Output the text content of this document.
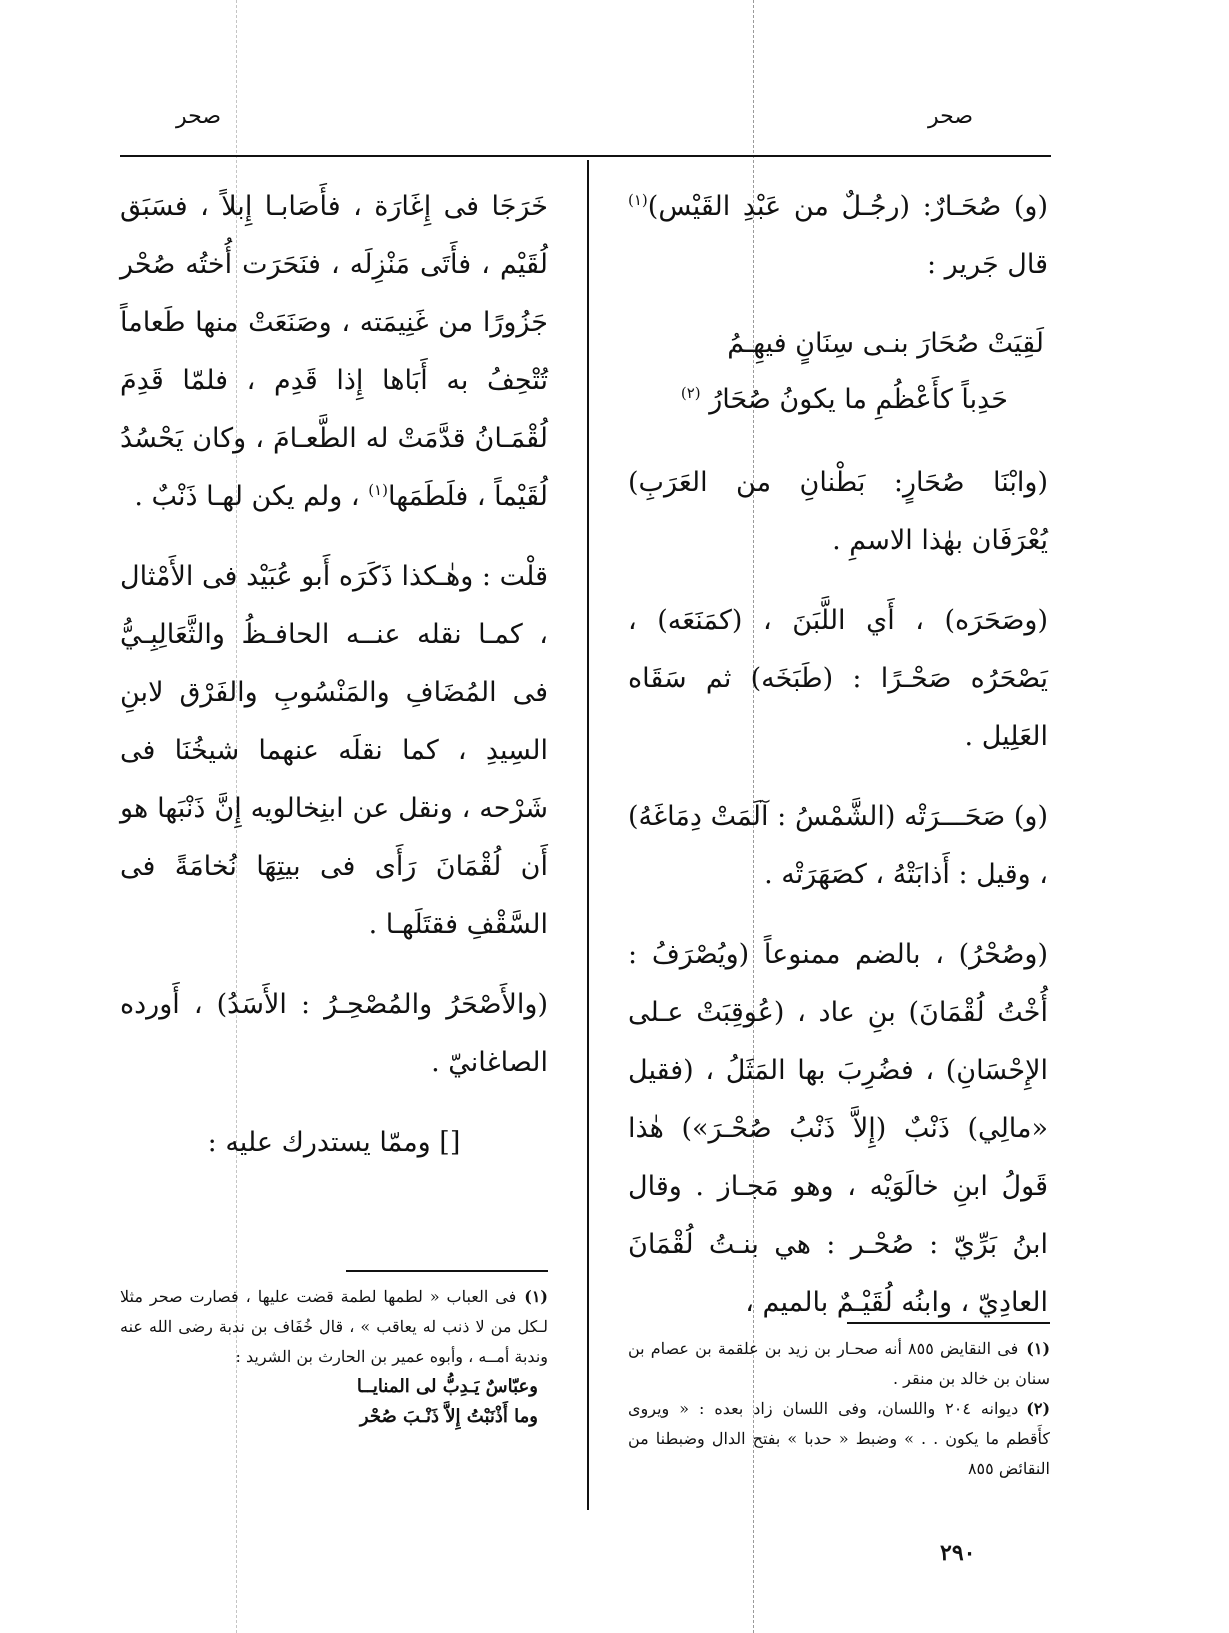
صحر
صحر
(و) صُحَـارٌ: (رجُـلٌ من عَبْدِ القَيْس)$^{(١)}$ قال جَرير :
لَقِيَتْ صُحَارَ بنـى سِنَانٍ فيهِـمُ
حَدِباً كأَعْظُمِ ما يكونُ صُحَارُ $^{(٢)}$
(وابْنَا صُحَارٍ: بَطْنانِ من العَرَبِ) يُعْرَفَان بهٰذا الاسمِ .
(وصَحَرَه) ، أَي اللَّبَنَ ، (كمَنَعَه) ، يَصْحَرُه صَحْـرًا : (طَبَخَه) ثم سَقَاه العَلِيل .
(و) صَحَـــرَتْه (الشَّمْسُ : آلَمَتْ دِمَاغَهُ) ، وقيل : أَذابَتْهُ ، كصَهَرَتْه .
(وصُحْرُ) ، بالضم ممنوعاً (ويُصْرَفُ : أُخْتُ لُقْمَانَ) بنِ عاد ، (عُوقِبَتْ عـلى الإِحْسَانِ) ، فضُرِبَ بها المَثَلُ ، (فقيل «مالِي) ذَنْبٌ (إِلاَّ ذَنْبُ صُحْـرَ») هٰذا قَولُ ابنِ خالَوَيْه ، وهو مَجـاز . وقال ابنُ بَرِّيّ : صُحْـر : هي بنـتُ لُقْمَانَ العادِيّ ، وابنُه لُقَيْـمٌ بالميم ،
خَرَجَا فى إِغَارَة ، فأَصَابـا إِبلاً ، فسَبَق لُقَيْم ، فأَتَى مَنْزِلَه ، فنَحَرَت أُختُه صُحْر جَزُورًا من غَنِيمَته ، وصَنَعَتْ منها طَعاماً تُتْحِفُ به أَبَاها إِذا قَدِم ، فلمّا قَدِمَ لُقْمَـانُ قدَّمَتْ له الطَّعـامَ ، وكان يَحْسُدُ لُقَيْماً ، فلَطَمَها$^{(١)}$ ، ولم يكن لهـا ذَنْبٌ .
قلْت : وهٰـكذا ذَكَرَه أَبو عُبَيْد فى الأَمْثال ، كمـا نقله عنــه الحافـظُ والثَّعَالِبِـيُّ فى المُضَافِ والمَنْسُوبِ والفَرْق لابنِ السِيدِ ، كما نقلَه عنهما شيخُنَا فى شَرْحه ، ونقل عن ابنِخالويه إِنَّ ذَنْبَها هو أَن لُقْمَانَ رَأَى فى بيتِهَا نُخامَةً فى السَّقْفِ فقتَلَهـا .
(والأَصْحَرُ والمُصْحِـرُ : الأَسَدُ) ، أَورده الصاغانيّ .
[] وممّا يستدرك عليه :

(١)فى النقايض ٨٥٥ أنه صحـار بن زيد بن علقمة بن عصام بن سنان بن خالد بن منقر .

(٢)ديوانه ٢٠٤ واللسان، وفى اللسان زاد بعده : « ويروى كأَقطم ما يكون . . » وضبط « حدبا » بفتح الدال وضبطنا من النقائض ٨٥٥

(١)فى العباب « لطمها لطمة قضت عليها ، فصارت صحر مثلا لـكل من لا ذنب له يعاقب » ، قال خُفَاف بن ندبة رضى الله عنه وندبة أمــه ، وأبوه عمير بن الحارث بن الشريد :

وعبّاسٌ يَـدِبُّ لى المنايــا

وما أَذْنَبْتُ إِلاَّ ذَنْـبَ صُحْر

٢٩٠
